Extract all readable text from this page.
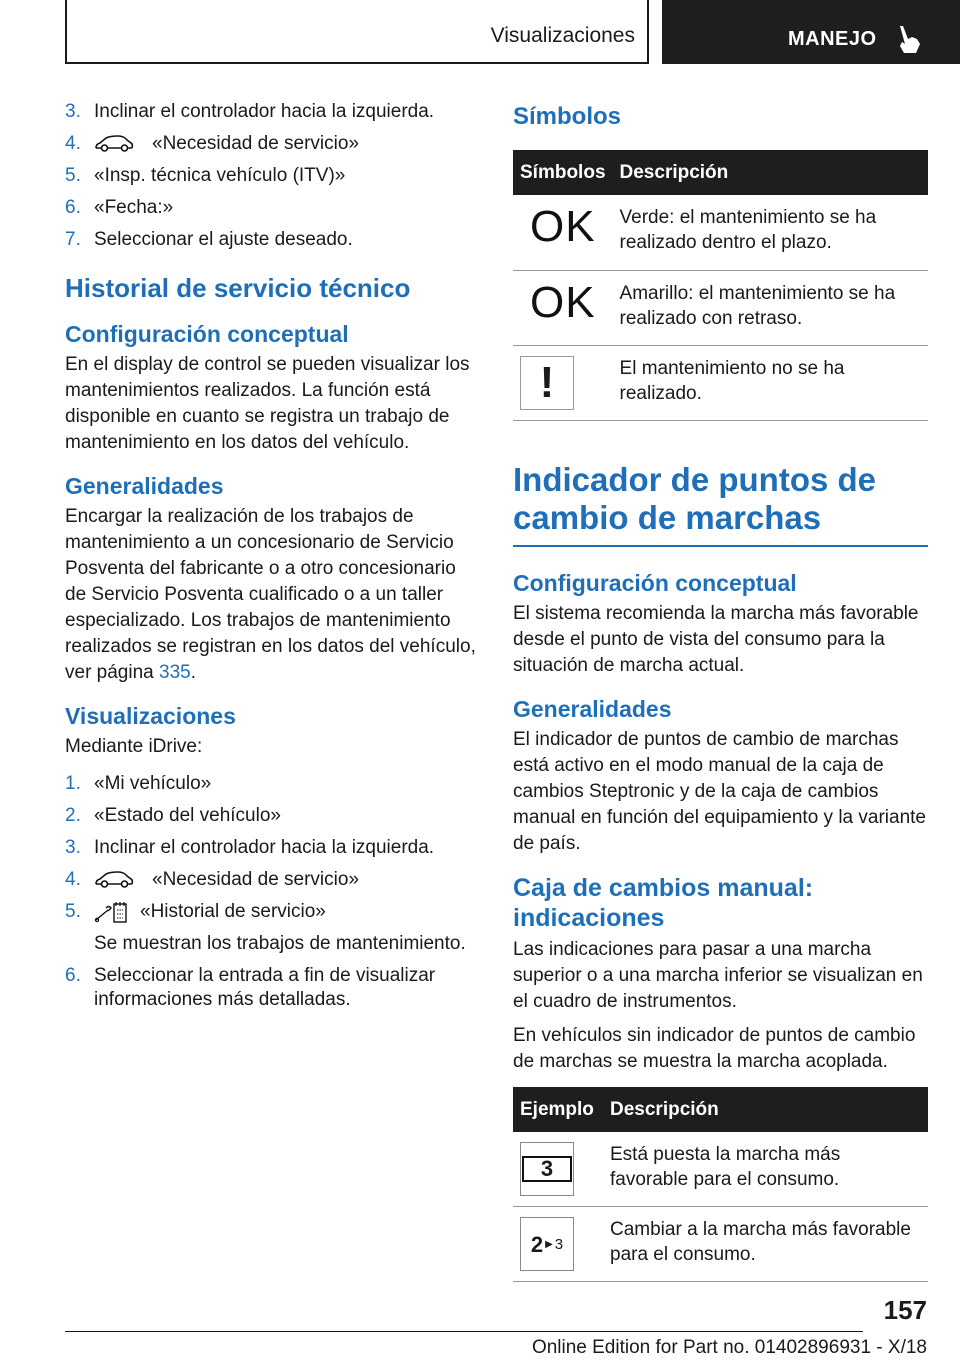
Visualizaciones	MANEJO
3. Inclinar el controlador hacia la izquierda.
4.	«Necesidad de servicio»
5. «Insp. técnica vehículo (ITV)»
6. «Fecha:»
7. Seleccionar el ajuste deseado.
Historial de servicio técnico
Configuración conceptual

En el display de control se pueden visualizar los mantenimientos realizados. La función está disponible en cuanto se registra un trabajo de mantenimiento en los datos del vehículo.

Generalidades

Encargar la realización de los trabajos de mantenimiento a un concesionario de Servicio Posventa del fabricante o a otro concesionario de Servicio Posventa cualificado o a un taller especializado. Los trabajos de mantenimiento realizados se registran en los datos del vehículo, ver página 335.

Visualizaciones

Mediante iDrive:

1. «Mi vehículo»
2. «Estado del vehículo»
3. Inclinar el controlador hacia la izquierda.
4.	«Necesidad de servicio»
5.	«Historial de servicio»
Se muestran los trabajos de mantenimiento.
6. Seleccionar la entrada a fin de visualizar informaciones más detalladas.
Símbolos
Símbolos	Descripción

OK	Verde: el mantenimiento se ha realizado dentro el plazo.

OK	Amarillo: el mantenimiento se ha realizado con retraso.

!	El mantenimiento no se ha realizado.
Indicador de puntos de cambio de marchas
Configuración conceptual

El sistema recomienda la marcha más favorable desde el punto de vista del consumo para la situación de marcha actual.

Generalidades

El indicador de puntos de cambio de marchas está activo en el modo manual de la caja de cambios Steptronic y de la caja de cambios manual en función del equipamiento y la variante de país.

Caja de cambios manual: indicaciones

Las indicaciones para pasar a una marcha superior o a una marcha inferior se visualizan en el cuadro de instrumentos.

En vehículos sin indicador de puntos de cambio de marchas se muestra la marcha acoplada.

Ejemplo	Descripción

3	Está puesta la marcha más favorable para el consumo.

2 ▶ 3	Cambiar a la marcha más favorable para el consumo.
157
Online Edition for Part no. 01402896931 - X/18
